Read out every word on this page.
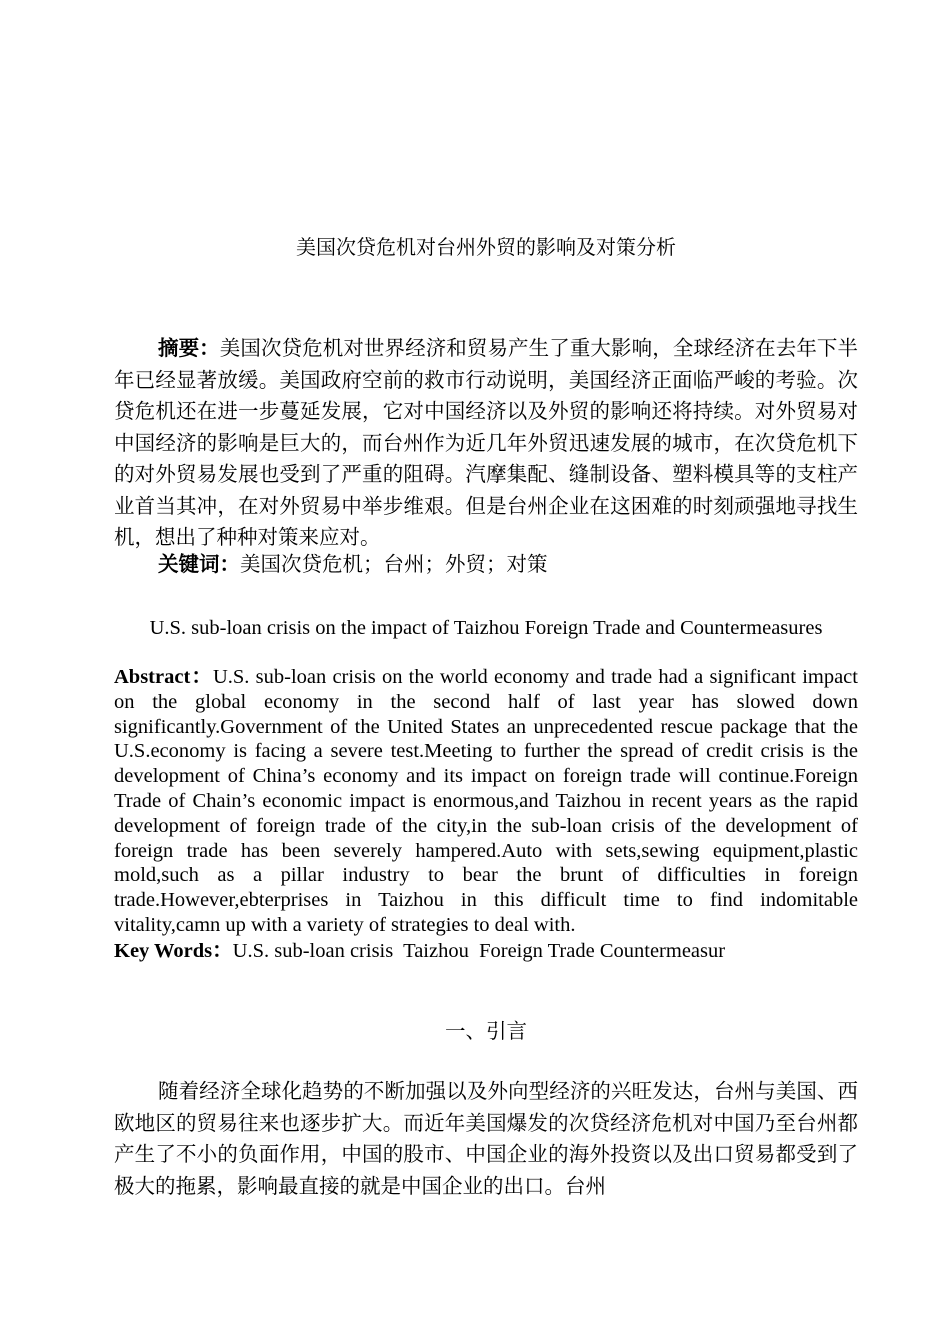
美国次贷危机对台州外贸的影响及对策分析

摘要：美国次贷危机对世界经济和贸易产生了重大影响，全球经济在去年下半年已经显著放缓。美国政府空前的救市行动说明，美国经济正面临严峻的考验。次贷危机还在进一步蔓延发展，它对中国经济以及外贸的影响还将持续。对外贸易对中国经济的影响是巨大的，而台州作为近几年外贸迅速发展的城市，在次贷危机下的对外贸易发展也受到了严重的阻碍。汽摩集配、缝制设备、塑料模具等的支柱产业首当其冲，在对外贸易中举步维艰。但是台州企业在这困难的时刻顽强地寻找生机，想出了种种对策来应对。

关键词：美国次贷危机；台州；外贸；对策

U.S. sub-loan crisis on the impact of Taizhou Foreign Trade and Countermeasures

Abstract：U.S. sub-loan crisis on the world economy and trade had a significant impact on the global economy in the second half of last year has slowed down significantly.Government of the United States an unprecedented rescue package that the U.S.economy is facing a severe test.Meeting to further the spread of credit crisis is the development of China’s economy and its impact on foreign trade will continue.Foreign Trade of Chain’s economic impact is enormous,and Taizhou in recent years as the rapid development of foreign trade of the city,in the sub-loan crisis of the development of foreign trade has been severely hampered.Auto with sets,sewing equipment,plastic mold,such as a pillar industry to bear the brunt of difficulties in foreign trade.However,ebterprises in Taizhou in this difficult time to find indomitable vitality,camn up with a variety of strategies to deal with.

Key Words：U.S. sub-loan crisis  Taizhou  Foreign Trade Countermeasur

一、引言

随着经济全球化趋势的不断加强以及外向型经济的兴旺发达，台州与美国、西欧地区的贸易往来也逐步扩大。而近年美国爆发的次贷经济危机对中国乃至台州都产生了不小的负面作用，中国的股市、中国企业的海外投资以及出口贸易都受到了极大的拖累，影响最直接的就是中国企业的出口。台州
